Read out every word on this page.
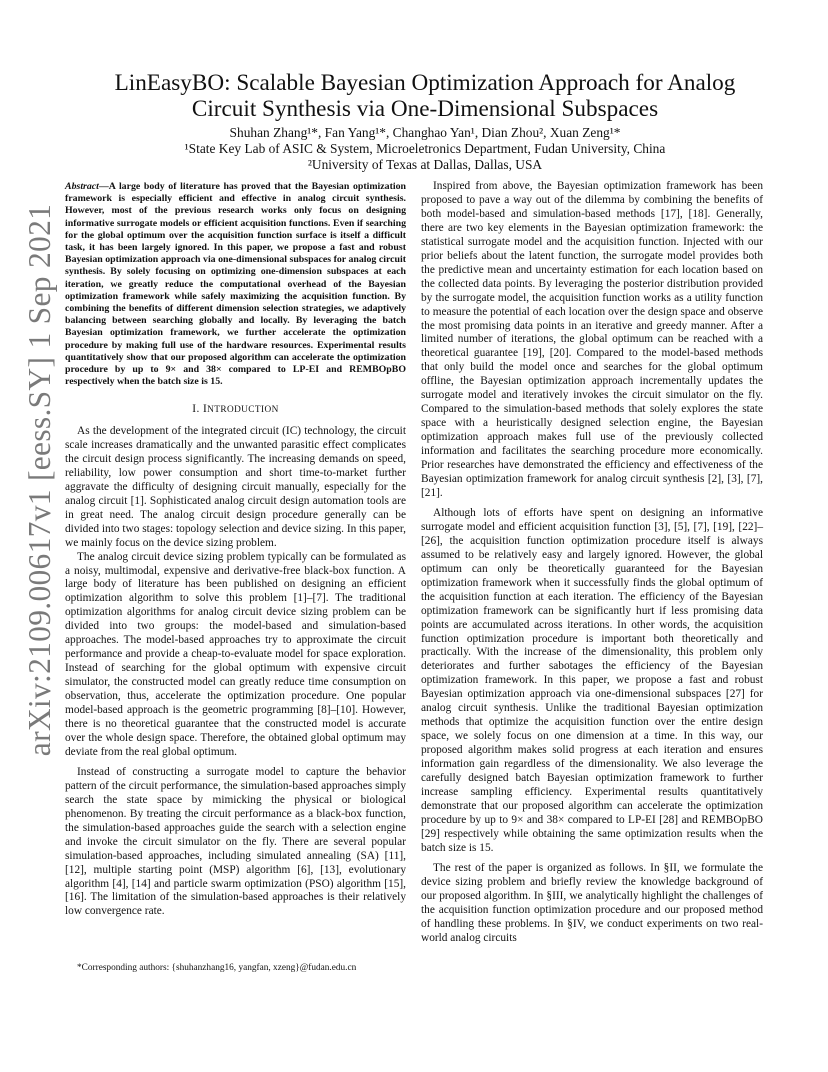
arXiv:2109.00617v1 [eess.SY] 1 Sep 2021
LinEasyBO: Scalable Bayesian Optimization Approach for Analog
Circuit Synthesis via One-Dimensional Subspaces
Shuhan Zhang¹*, Fan Yang¹*, Changhao Yan¹, Dian Zhou², Xuan Zeng¹*
¹State Key Lab of ASIC & System, Microeletronics Department, Fudan University, China
²University of Texas at Dallas, Dallas, USA

Abstract—A large body of literature has proved that the Bayesian optimization framework is especially efficient and effective in analog circuit synthesis. However, most of the previous research works only focus on designing informative surrogate models or efficient acquisition functions. Even if searching for the global optimum over the acquisition function surface is itself a difficult task, it has been largely ignored. In this paper, we propose a fast and robust Bayesian optimization approach via one-dimensional subspaces for analog circuit synthesis. By solely focusing on optimizing one-dimension subspaces at each iteration, we greatly reduce the computational overhead of the Bayesian optimization framework while safely maximizing the acquisition function. By combining the benefits of different dimension selection strategies, we adaptively balancing between searching globally and locally. By leveraging the batch Bayesian optimization framework, we further accelerate the optimization procedure by making full use of the hardware resources. Experimental results quantitatively show that our proposed algorithm can accelerate the optimization procedure by up to 9× and 38× compared to LP-EI and REMBOpBO respectively when the batch size is 15.

I. INTRODUCTION

As the development of the integrated circuit (IC) technology, the circuit scale increases dramatically and the unwanted parasitic effect complicates the circuit design process significantly. The increasing demands on speed, reliability, low power consumption and short time-to-market further aggravate the difficulty of designing circuit manually, especially for the analog circuit [1]. Sophisticated analog circuit design automation tools are in great need. The analog circuit design procedure generally can be divided into two stages: topology selection and device sizing. In this paper, we mainly focus on the device sizing problem.

The analog circuit device sizing problem typically can be formulated as a noisy, multimodal, expensive and derivative-free black-box function. A large body of literature has been published on designing an efficient optimization algorithm to solve this problem [1]–[7]. The traditional optimization algorithms for analog circuit device sizing problem can be divided into two groups: the model-based and simulation-based approaches. The model-based approaches try to approximate the circuit performance and provide a cheap-to-evaluate model for space exploration. Instead of searching for the global optimum with expensive circuit simulator, the constructed model can greatly reduce time consumption on observation, thus, accelerate the optimization procedure. One popular model-based approach is the geometric programming [8]–[10]. However, there is no theoretical guarantee that the constructed model is accurate over the whole design space. Therefore, the obtained global optimum may deviate from the real global optimum.

Instead of constructing a surrogate model to capture the behavior pattern of the circuit performance, the simulation-based approaches simply search the state space by mimicking the physical or biological phenomenon. By treating the circuit performance as a black-box function, the simulation-based approaches guide the search with a selection engine and invoke the circuit simulator on the fly. There are several popular simulation-based approaches, including simulated annealing (SA) [11], [12], multiple starting point (MSP) algorithm [6], [13], evolutionary algorithm [4], [14] and particle swarm optimization (PSO) algorithm [15], [16]. The limitation of the simulation-based approaches is their relatively low convergence rate.

*Corresponding authors: {shuhanzhang16, yangfan, xzeng}@fudan.edu.cn

Inspired from above, the Bayesian optimization framework has been proposed to pave a way out of the dilemma by combining the benefits of both model-based and simulation-based methods [17], [18]. Generally, there are two key elements in the Bayesian optimization framework: the statistical surrogate model and the acquisition function. Injected with our prior beliefs about the latent function, the surrogate model provides both the predictive mean and uncertainty estimation for each location based on the collected data points. By leveraging the posterior distribution provided by the surrogate model, the acquisition function works as a utility function to measure the potential of each location over the design space and observe the most promising data points in an iterative and greedy manner. After a limited number of iterations, the global optimum can be reached with a theoretical guarantee [19], [20]. Compared to the model-based methods that only build the model once and searches for the global optimum offline, the Bayesian optimization approach incrementally updates the surrogate model and iteratively invokes the circuit simulator on the fly. Compared to the simulation-based methods that solely explores the state space with a heuristically designed selection engine, the Bayesian optimization approach makes full use of the previously collected information and facilitates the searching procedure more economically. Prior researches have demonstrated the efficiency and effectiveness of the Bayesian optimization framework for analog circuit synthesis [2], [3], [7], [21].

Although lots of efforts have spent on designing an informative surrogate model and efficient acquisition function [3], [5], [7], [19], [22]–[26], the acquisition function optimization procedure itself is always assumed to be relatively easy and largely ignored. However, the global optimum can only be theoretically guaranteed for the Bayesian optimization framework when it successfully finds the global optimum of the acquisition function at each iteration. The efficiency of the Bayesian optimization framework can be significantly hurt if less promising data points are accumulated across iterations. In other words, the acquisition function optimization procedure is important both theoretically and practically. With the increase of the dimensionality, this problem only deteriorates and further sabotages the efficiency of the Bayesian optimization framework. In this paper, we propose a fast and robust Bayesian optimization approach via one-dimensional subspaces [27] for analog circuit synthesis. Unlike the traditional Bayesian optimization methods that optimize the acquisition function over the entire design space, we solely focus on one dimension at a time. In this way, our proposed algorithm makes solid progress at each iteration and ensures information gain regardless of the dimensionality. We also leverage the carefully designed batch Bayesian optimization framework to further increase sampling efficiency. Experimental results quantitatively demonstrate that our proposed algorithm can accelerate the optimization procedure by up to 9× and 38× compared to LP-EI [28] and REMBOpBO [29] respectively while obtaining the same optimization results when the batch size is 15.

The rest of the paper is organized as follows. In §II, we formulate the device sizing problem and briefly review the knowledge background of our proposed algorithm. In §III, we analytically highlight the challenges of the acquisition function optimization procedure and our proposed method of handling these problems. In §IV, we conduct experiments on two real-world analog circuits
